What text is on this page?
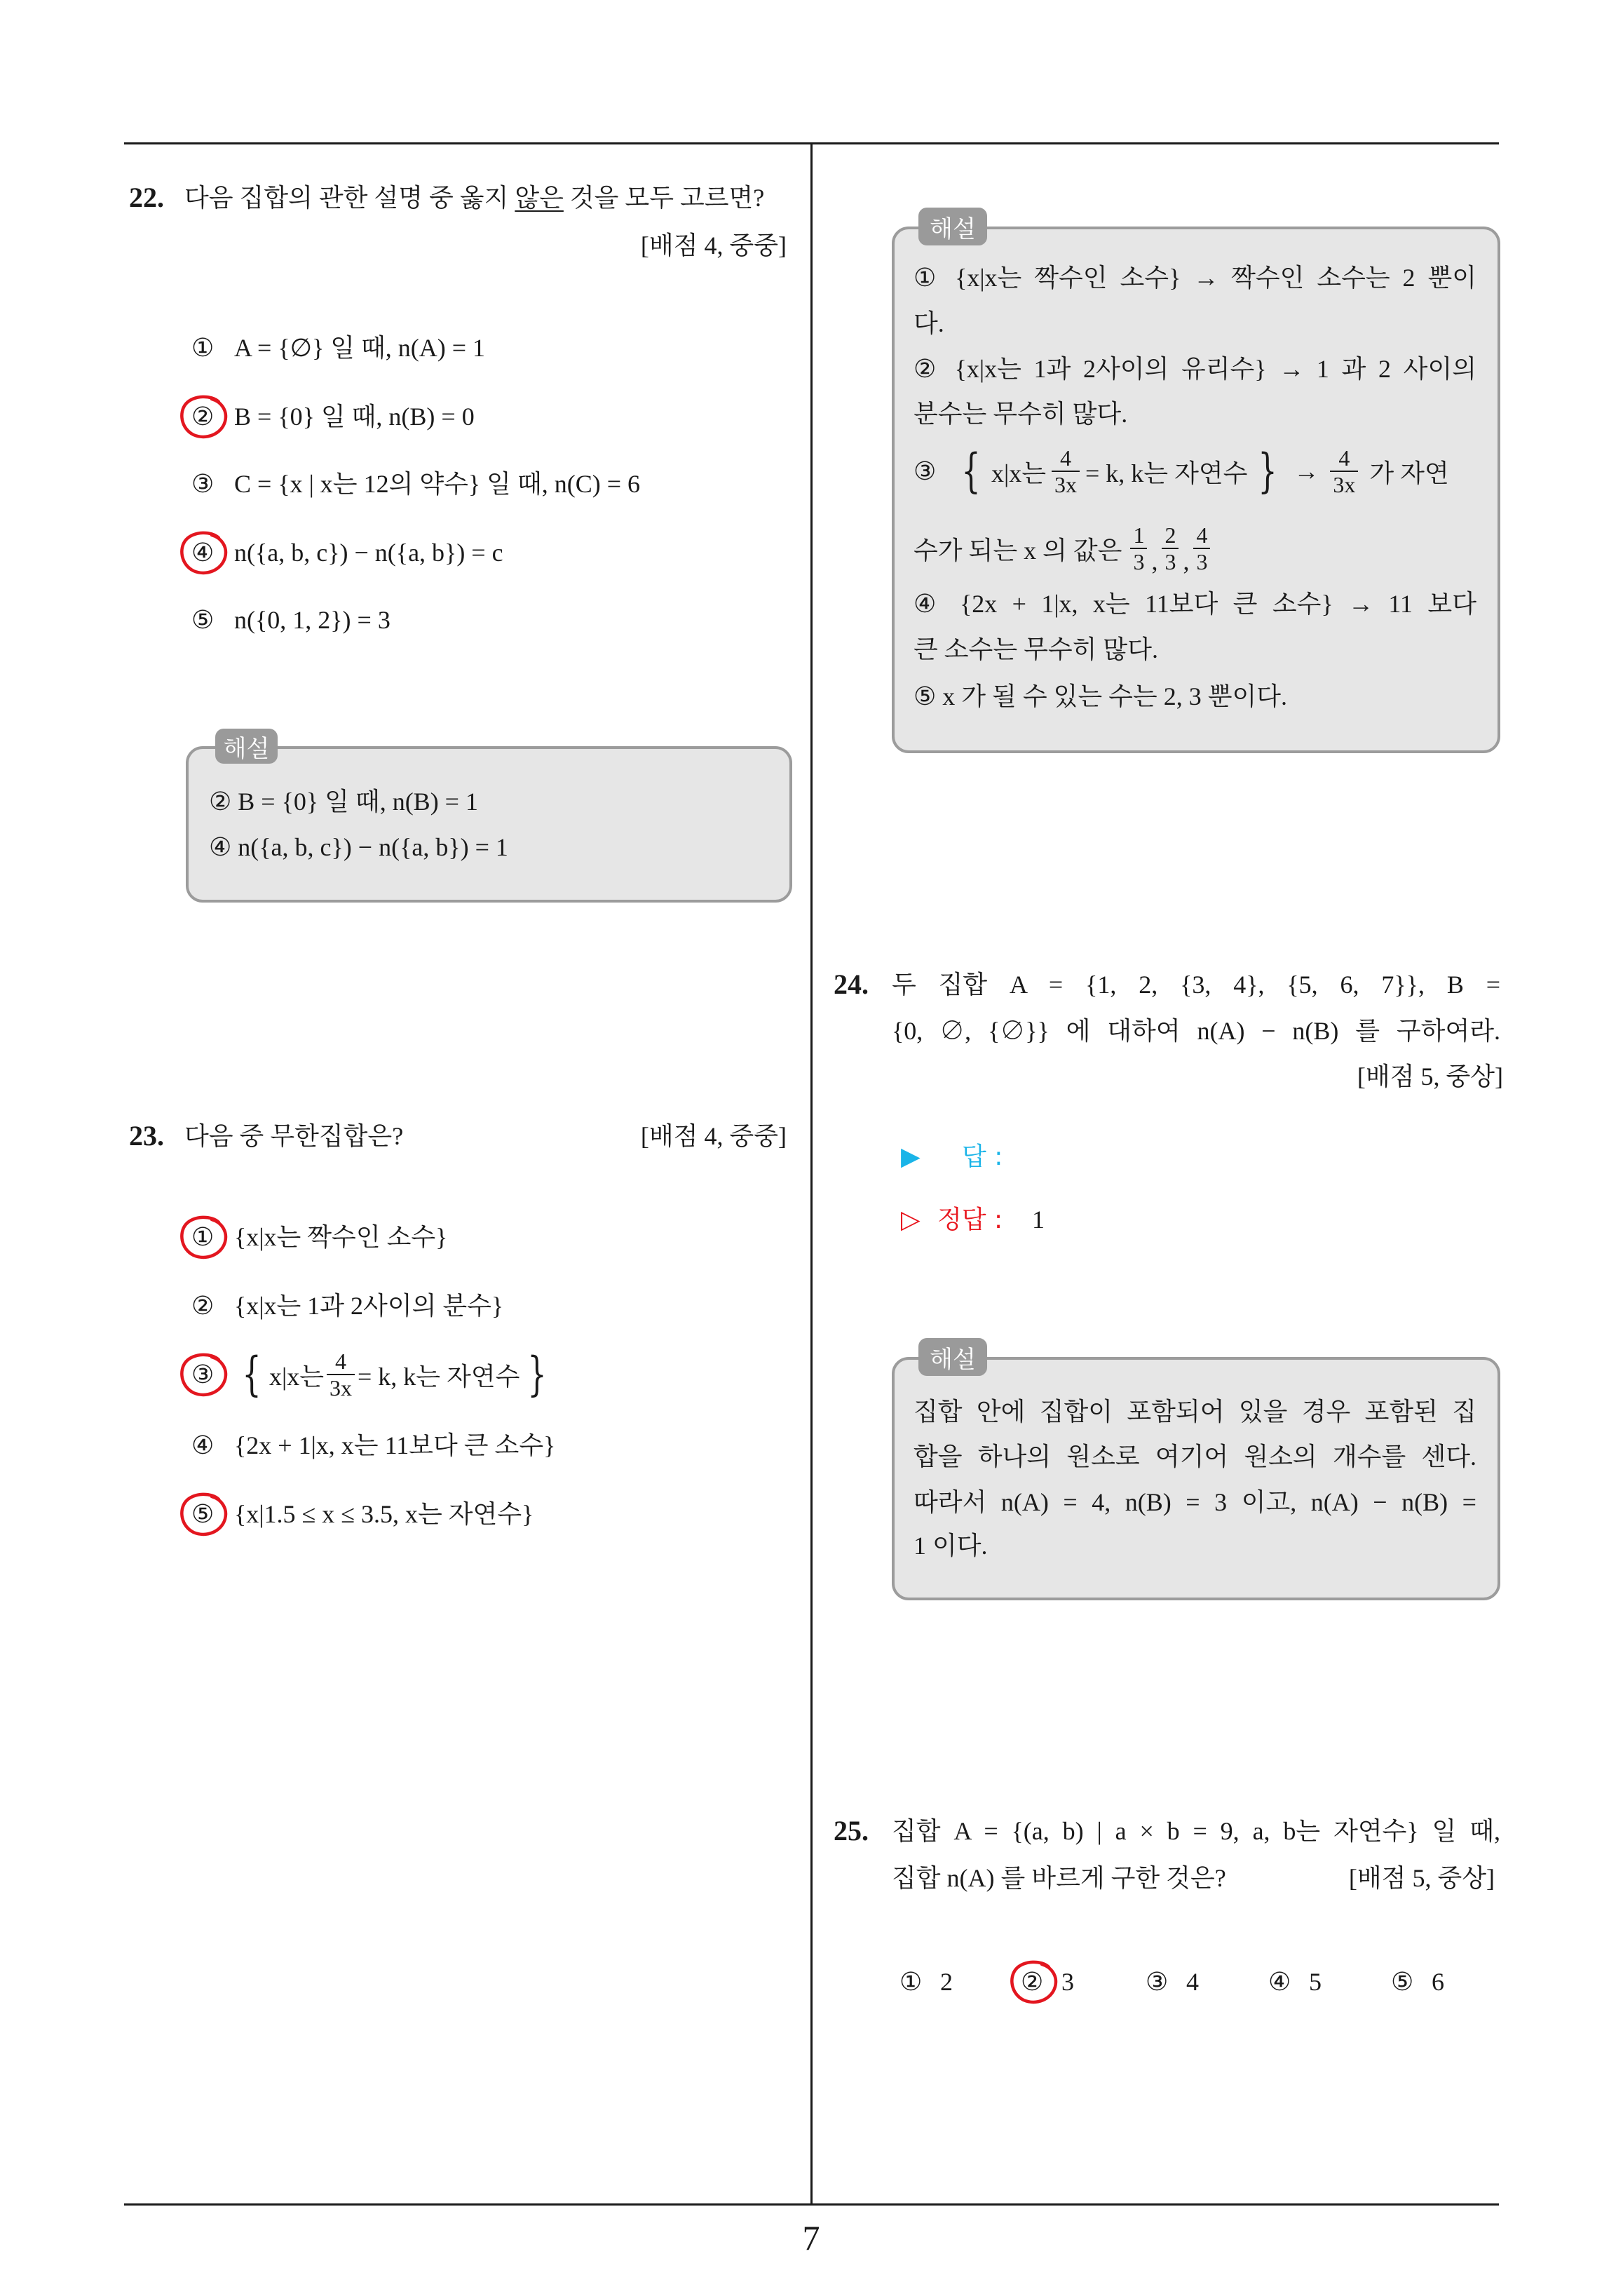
7
22. 다음 집합의 관한 설명 중 옳지 않은 것을 모두 고르면?
[배점 4, 중중]
① A = {∅} 일 때, n(A) = 1
② B = {0} 일 때, n(B) = 0
③ C = {x | x는 12의 약수} 일 때, n(C) = 6
④ n({a, b, c}) − n({a, b}) = c
⑤ n({0, 1, 2}) = 3
해설
② B = {0} 일 때, n(B) = 1
④ n({a, b, c}) − n({a, b}) = 1
23. 다음 중 무한집합은?	[배점 4, 중중]
① {x|x는 짝수인 소수}
② {x|x는 1과 2사이의 분수}
③ { x|x는 $\frac{4}{3x} = k$, k는 자연수 }
④ {2x + 1|x, x는 11보다 큰 소수}
⑤ {x|1.5 ≤ x ≤ 3.5, x는 자연수}
해설
① {x|x는 짝수인 소수} → 짝수인 소수는 2 뿐이
다.
② {x|x는 1과 2사이의 유리수} → 1 과 2 사이의
분수는 무수히 많다.
③ { x|x는 $\frac{4}{3x} = k$, k는 자연수 } → $\frac{4}{3x}$ 가 자연
수가 되는 x 의 값은 $\frac{1}{3}$ , $\frac{2}{3}$ , $\frac{4}{3}$
④ {2x + 1|x, x는 11보다 큰 소수} → 11 보다
큰 소수는 무수히 많다.
⑤ x 가 될 수 있는 수는 2, 3 뿐이다.
24. 두 집합 A = {1, 2, {3, 4}, {5, 6, 7}}, B =
{0, ∅, {∅}} 에 대하여 n(A) − n(B) 를 구하여라.
[배점 5, 중상]
▶ 답 :
▷ 정답 : 1
해설
집합 안에 집합이 포함되어 있을 경우 포함된 집
합을 하나의 원소로 여기어 원소의 개수를 센다.
따라서 n(A) = 4, n(B) = 3 이고, n(A) − n(B) =
1 이다.
25. 집합 A = {(a, b) | a × b = 9, a, b는 자연수} 일 때,
집합 n(A) 를 바르게 구한 것은?	[배점 5, 중상]
① 2	② 3	③ 4	④ 5	⑤ 6
